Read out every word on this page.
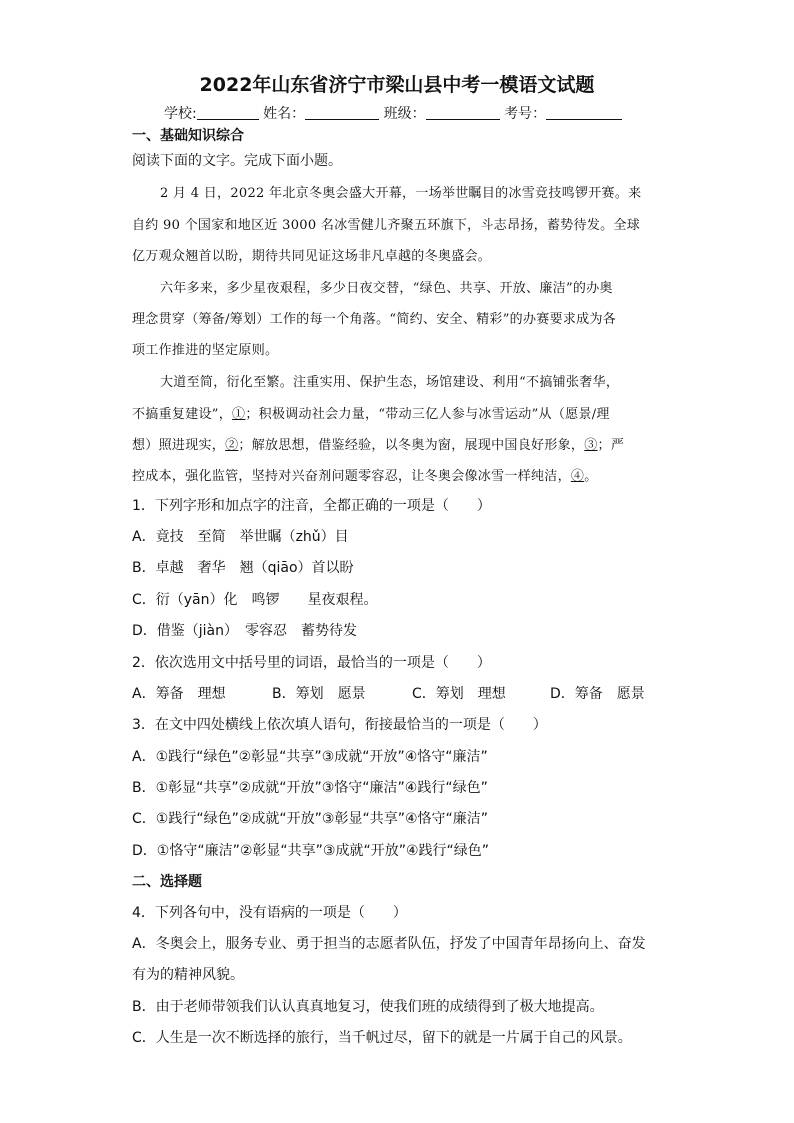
2022年山东省济宁市梁山县中考一模语文试题
学校:	姓名：	班级：	考号：
一、基础知识综合
阅读下面的文字。完成下面小题。
2 月 4 日，2022 年北京冬奥会盛大开幕，一场举世瞩目的冰雪竞技鸣锣开赛。来
自约 90 个国家和地区近 3000 名冰雪健儿齐聚五环旗下，斗志昂扬，蓄势待发。全球
亿万观众翘首以盼，期待共同见证这场非凡卓越的冬奥盛会。
六年多来，多少星夜艰程，多少日夜交替，“绿色、共享、开放、廉洁”的办奥
理念贯穿（筹备/筹划）工作的每一个角落。“简约、安全、精彩”的办赛要求成为各
项工作推进的坚定原则。
大道至简，衍化至繁。注重实用、保护生态，场馆建设、利用“不搞铺张奢华，
不搞重复建设”，①；积极调动社会力量，“带动三亿人参与冰雪运动”从（愿景/理
想）照进现实，②；解放思想，借鉴经验，以冬奥为窗，展现中国良好形象，③；严
控成本，强化监管，坚持对兴奋剂问题零容忍，让冬奥会像冰雪一样纯洁，④。
1．下列字形和加点字的注音，全都正确的一项是（　　）
A．竟技　至简　举世瞩（zhǔ）目
B．卓越　奢华　翘（qiāo）首以盼
C．衍（yān）化　鸣锣　　星夜艰程。
D．借鉴（jiàn）　零容忍　蓄势待发
2．依次选用文中括号里的词语，最恰当的一项是（　　）
A．筹备　理想	B．筹划　愿景	C．筹划　理想	D．筹备　愿景
3．在文中四处横线上依次填人语句，衔接最恰当的一项是（　　）
A．①践行“绿色”②彰显“共享”③成就“开放”④恪守“廉洁”
B．①彰显“共享”②成就“开放”③恪守“廉洁”④践行“绿色”
C．①践行“绿色”②成就“开放”③彰显“共享”④恪守“廉洁”
D．①恪守“廉洁”②彰显“共享”③成就“开放”④践行“绿色”
二、选择题
4．下列各句中，没有语病的一项是（　　）
A．冬奥会上，服务专业、勇于担当的志愿者队伍，抒发了中国青年昂扬向上、奋发
有为的精神风貌。
B．由于老师带领我们认认真真地复习，使我们班的成绩得到了极大地提高。
C．人生是一次不断选择的旅行，当千帆过尽，留下的就是一片属于自己的风景。
